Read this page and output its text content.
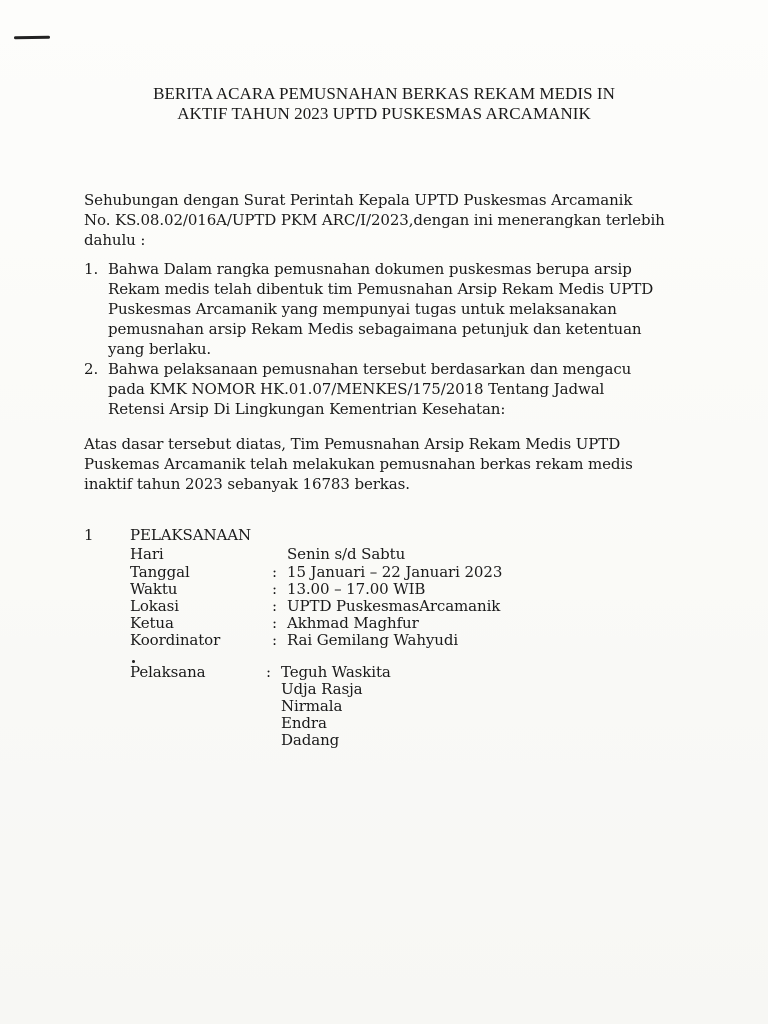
BERITA ACARA PEMUSNAHAN BERKAS REKAM MEDIS IN
AKTIF TAHUN 2023 UPTD PUSKESMAS ARCAMANIK
Sehubungan dengan Surat Perintah Kepala UPTD Puskesmas Arcamanik
No. KS.08.02/016A/UPTD PKM ARC/I/2023,dengan ini menerangkan terlebih
dahulu :
1. Bahwa Dalam rangka pemusnahan dokumen puskesmas berupa arsip
Rekam medis telah dibentuk tim Pemusnahan Arsip Rekam Medis UPTD
Puskesmas Arcamanik yang mempunyai tugas untuk melaksanakan
pemusnahan arsip Rekam Medis sebagaimana petunjuk dan ketentuan
yang berlaku.
2. Bahwa pelaksanaan pemusnahan tersebut berdasarkan dan mengacu
pada KMK NOMOR HK.01.07/MENKES/175/2018 Tentang Jadwal
Retensi Arsip Di Lingkungan Kementrian Kesehatan:
Atas dasar tersebut diatas, Tim Pemusnahan Arsip Rekam Medis UPTD
Puskemas Arcamanik telah melakukan pemusnahan berkas rekam medis
inaktif tahun 2023 sebanyak 16783 berkas.
1 PELAKSANAAN
Hari	Senin s/d Sabtu
Tanggal	: 15 Januari – 22 Januari 2023
Waktu	: 13.00 – 17.00 WIB
Lokasi	: UPTD PuskesmasArcamanik
Ketua	: Akhmad Maghfur
Koordinator	: Rai Gemilang Wahyudi
Pelaksana	: Teguh Waskita
Udja Rasja
Nirmala
Endra
Dadang
